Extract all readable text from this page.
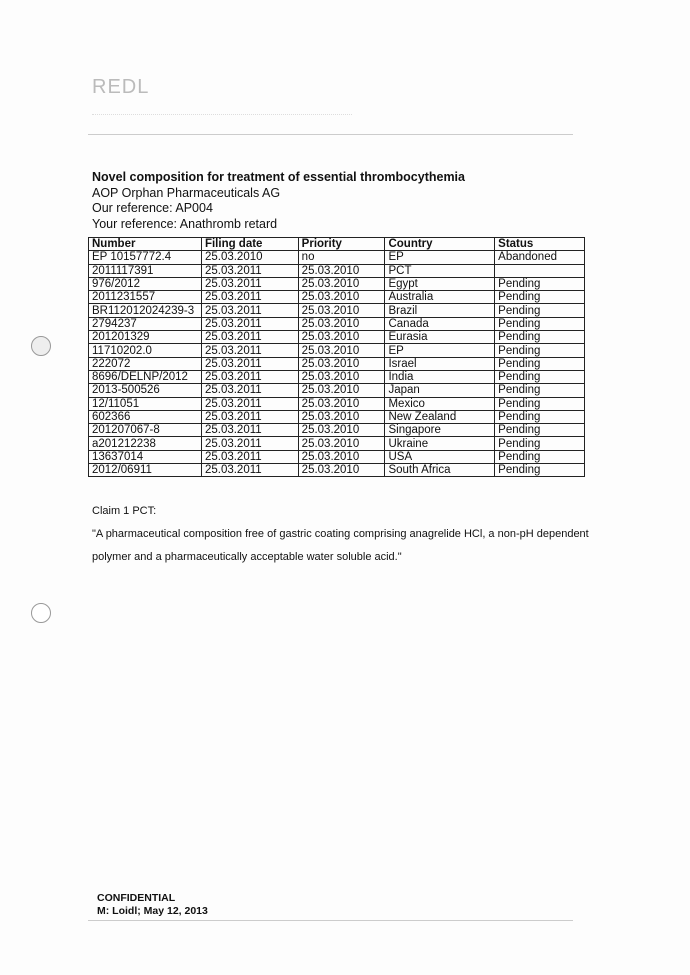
REDL
Novel composition for treatment of essential thrombocythemia
AOP Orphan Pharmaceuticals AG
Our reference: AP004
Your reference: Anathromb retard
Number	Filing date	Priority	Country	Status
EP 10157772.4	25.03.2010	no	EP	Abandoned
2011117391	25.03.2011	25.03.2010	PCT	
976/2012	25.03.2011	25.03.2010	Egypt	Pending
2011231557	25.03.2011	25.03.2010	Australia	Pending
BR112012024239-3	25.03.2011	25.03.2010	Brazil	Pending
2794237	25.03.2011	25.03.2010	Canada	Pending
201201329	25.03.2011	25.03.2010	Eurasia	Pending
11710202.0	25.03.2011	25.03.2010	EP	Pending
222072	25.03.2011	25.03.2010	Israel	Pending
8696/DELNP/2012	25.03.2011	25.03.2010	India	Pending
2013-500526	25.03.2011	25.03.2010	Japan	Pending
12/11051	25.03.2011	25.03.2010	Mexico	Pending
602366	25.03.2011	25.03.2010	New Zealand	Pending
201207067-8	25.03.2011	25.03.2010	Singapore	Pending
a201212238	25.03.2011	25.03.2010	Ukraine	Pending
13637014	25.03.2011	25.03.2010	USA	Pending
2012/06911	25.03.2011	25.03.2010	South Africa	Pending
Claim 1 PCT:
"A pharmaceutical composition free of gastric coating comprising anagrelide HCl, a non-pH dependent polymer and a pharmaceutically acceptable water soluble acid."
CONFIDENTIAL
M: Loidl; May 12, 2013
